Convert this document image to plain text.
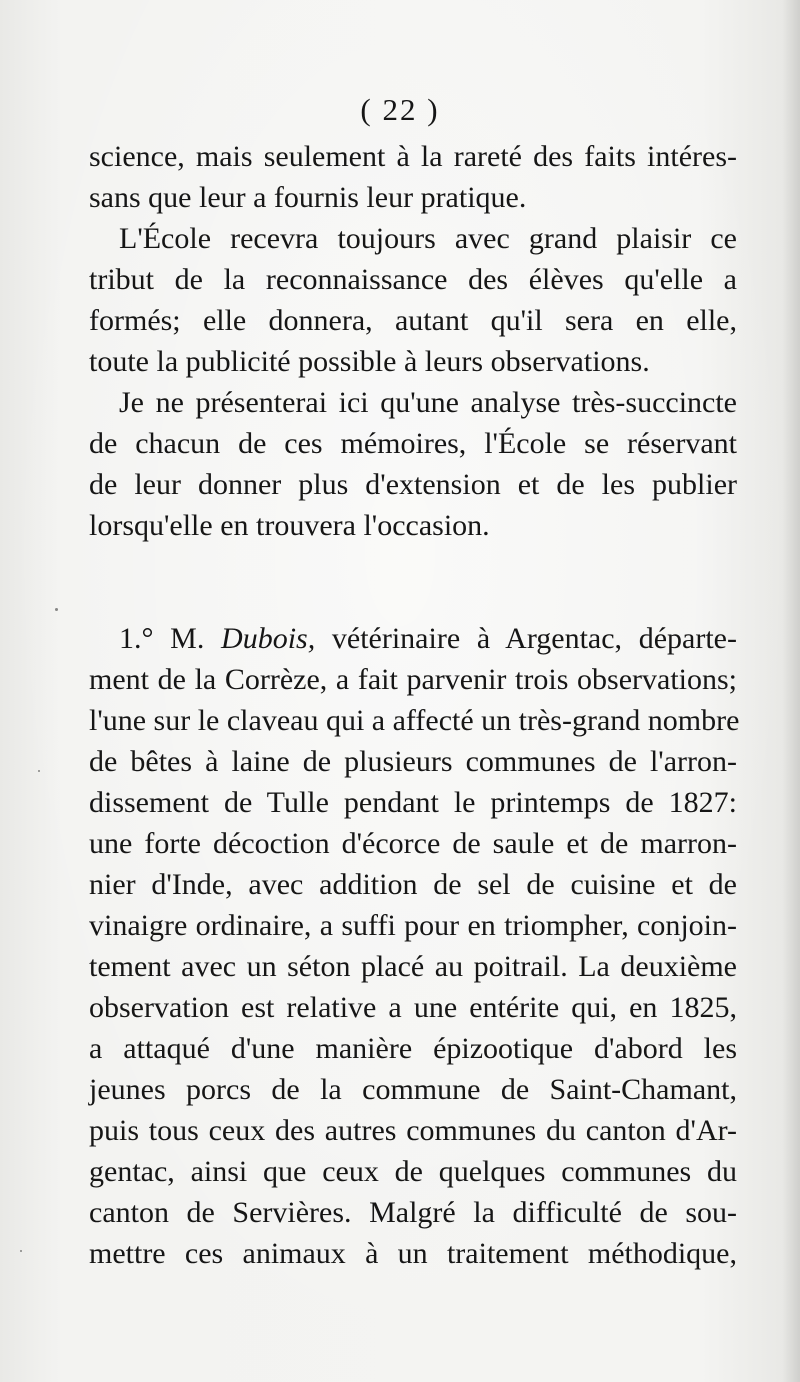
( 22 )
science, mais seulement à la rareté des faits intéres-
sans que leur a fournis leur pratique.
L'École recevra toujours avec grand plaisir ce
tribut de la reconnaissance des élèves qu'elle a
formés; elle donnera, autant qu'il sera en elle,
toute la publicité possible à leurs observations.
Je ne présenterai ici qu'une analyse très-succincte
de chacun de ces mémoires, l'École se réservant
de leur donner plus d'extension et de les publier
lorsqu'elle en trouvera l'occasion.
1.° M. Dubois, vétérinaire à Argentac, départe-
ment de la Corrèze, a fait parvenir trois observations;
l'une sur le claveau qui a affecté un très-grand nombre
de bêtes à laine de plusieurs communes de l'arron-
dissement de Tulle pendant le printemps de 1827:
une forte décoction d'écorce de saule et de marron-
nier d'Inde, avec addition de sel de cuisine et de
vinaigre ordinaire, a suffi pour en triompher, conjoin-
tement avec un séton placé au poitrail. La deuxième
observation est relative a une entérite qui, en 1825,
a attaqué d'une manière épizootique d'abord les
jeunes porcs de la commune de Saint-Chamant,
puis tous ceux des autres communes du canton d'Ar-
gentac, ainsi que ceux de quelques communes du
canton de Servières. Malgré la difficulté de sou-
mettre ces animaux à un traitement méthodique,
